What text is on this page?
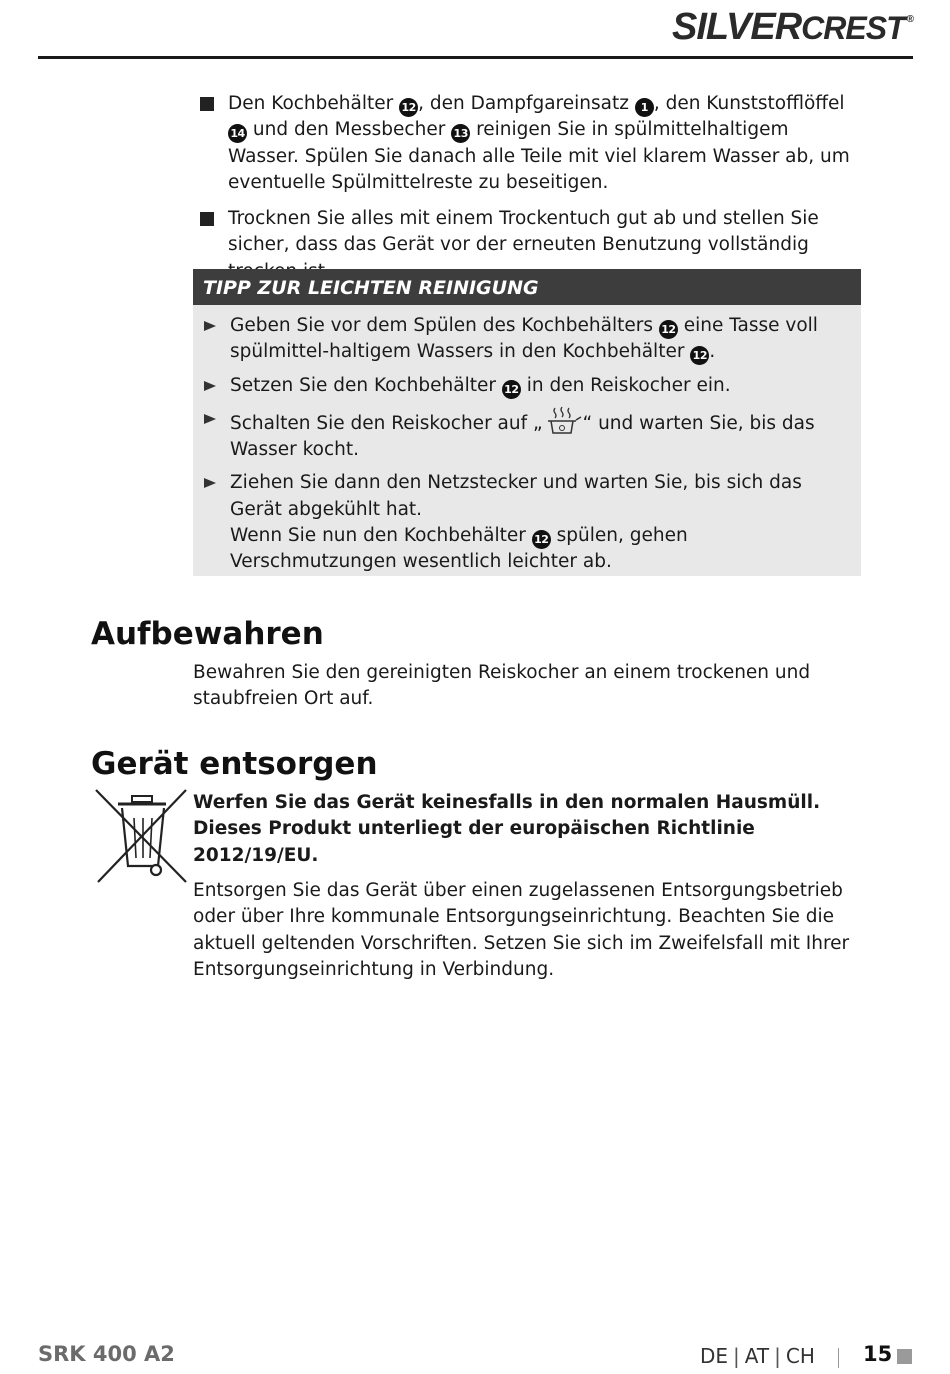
SILVERCREST ®
Den Kochbehälter 12 , den Dampfgareinsatz 1 , den Kunststofflöffel 14 und den Messbecher 13 reinigen Sie in spülmittelhaltigem Wasser. Spülen Sie danach alle Teile mit viel klarem Wasser ab, um eventuelle Spülmittelreste zu beseitigen.
Trocknen Sie alles mit einem Trockentuch gut ab und stellen Sie sicher, dass das Gerät vor der erneuten Benutzung vollständig
TIPP ZUR LEICHTEN REINIGUNG
Geben Sie vor dem Spülen des Kochbehälters 12 eine Tasse voll spülmittel-haltigem Wassers in den Kochbehälter 12 .
Setzen Sie den Kochbehälter 12 in den Reiskocher ein.
Schalten Sie den Reiskocher auf „ “ und warten Sie, bis das Wasser kocht.
Ziehen Sie dann den Netzstecker und warten Sie, bis sich das Gerät abgekühlt hat.
Wenn Sie nun den Kochbehälter 12 spülen, gehen Verschmutzungen wesentlich leichter ab.
Aufbewahren
Bewahren Sie den gereinigten Reiskocher an einem trockenen und staubfreien Ort auf.
Gerät entsorgen
Werfen Sie das Gerät keinesfalls in den normalen Hausmüll. Dieses Produkt unterliegt der europäischen Richtlinie 2012/19/EU.
Entsorgen Sie das Gerät über einen zugelassenen Entsorgungsbetrieb oder über Ihre kommunale Entsorgungseinrichtung. Beachten Sie die aktuell geltenden Vorschriften. Setzen Sie sich im Zweifelsfall mit Ihrer Entsorgungseinrichtung in Verbindung.
SRK 400 A2	DE | AT | CH 15
